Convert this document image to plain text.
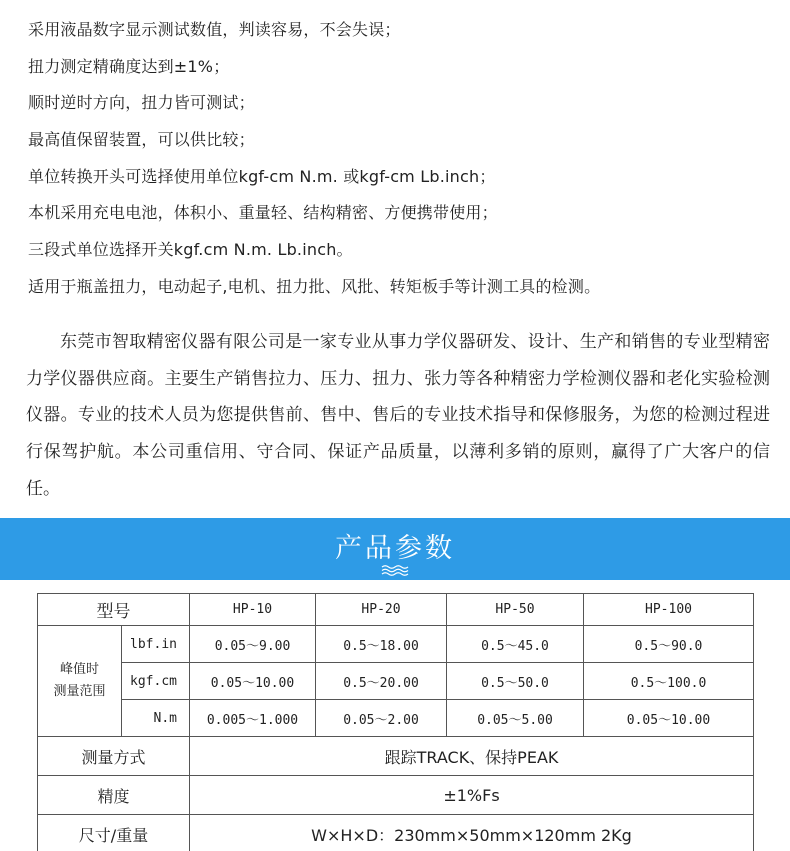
采用液晶数字显示测试数值，判读容易，不会失误；
扭力测定精确度达到±1%；
顺时逆时方向，扭力皆可测试；
最高值保留装置，可以供比较；
单位转换开头可选择使用单位kgf-cm N.m. 或kgf-cm Lb.inch；
本机采用充电电池，体积小、重量轻、结构精密、方便携带使用；
三段式单位选择开关kgf.cm N.m. Lb.inch。
适用于瓶盖扭力，电动起子,电机、扭力批、风批、转矩板手等计测工具的检测。

东莞市智取精密仪器有限公司是一家专业从事力学仪器研发、设计、生产和销售的专业型精密力学仪器供应商。主要生产销售拉力、压力、扭力、张力等各种精密力学检测仪器和老化实验检测仪器。专业的技术人员为您提供售前、售中、售后的专业技术指导和保修服务，为您的检测过程进行保驾护航。本公司重信用、守合同、保证产品质量，以薄利多销的原则，赢得了广大客户的信任。

产品参数
型号		HP-10	HP-20	HP-50	HP-100
峰值时
测量范围	lbf.in	0.05～9.00	0.5～18.00	0.5～45.0	0.5～90.0
	kgf.cm	0.05～10.00	0.5～20.00	0.5～50.0	0.5～100.0
	N.m	0.005～1.000	0.05～2.00	0.05～5.00	0.05～10.00
测量方式		跟踪TRACK、保持PEAK			
精度		±1%Fs			
尺寸/重量		W×H×D：230mm×50mm×120mm 2Kg			
